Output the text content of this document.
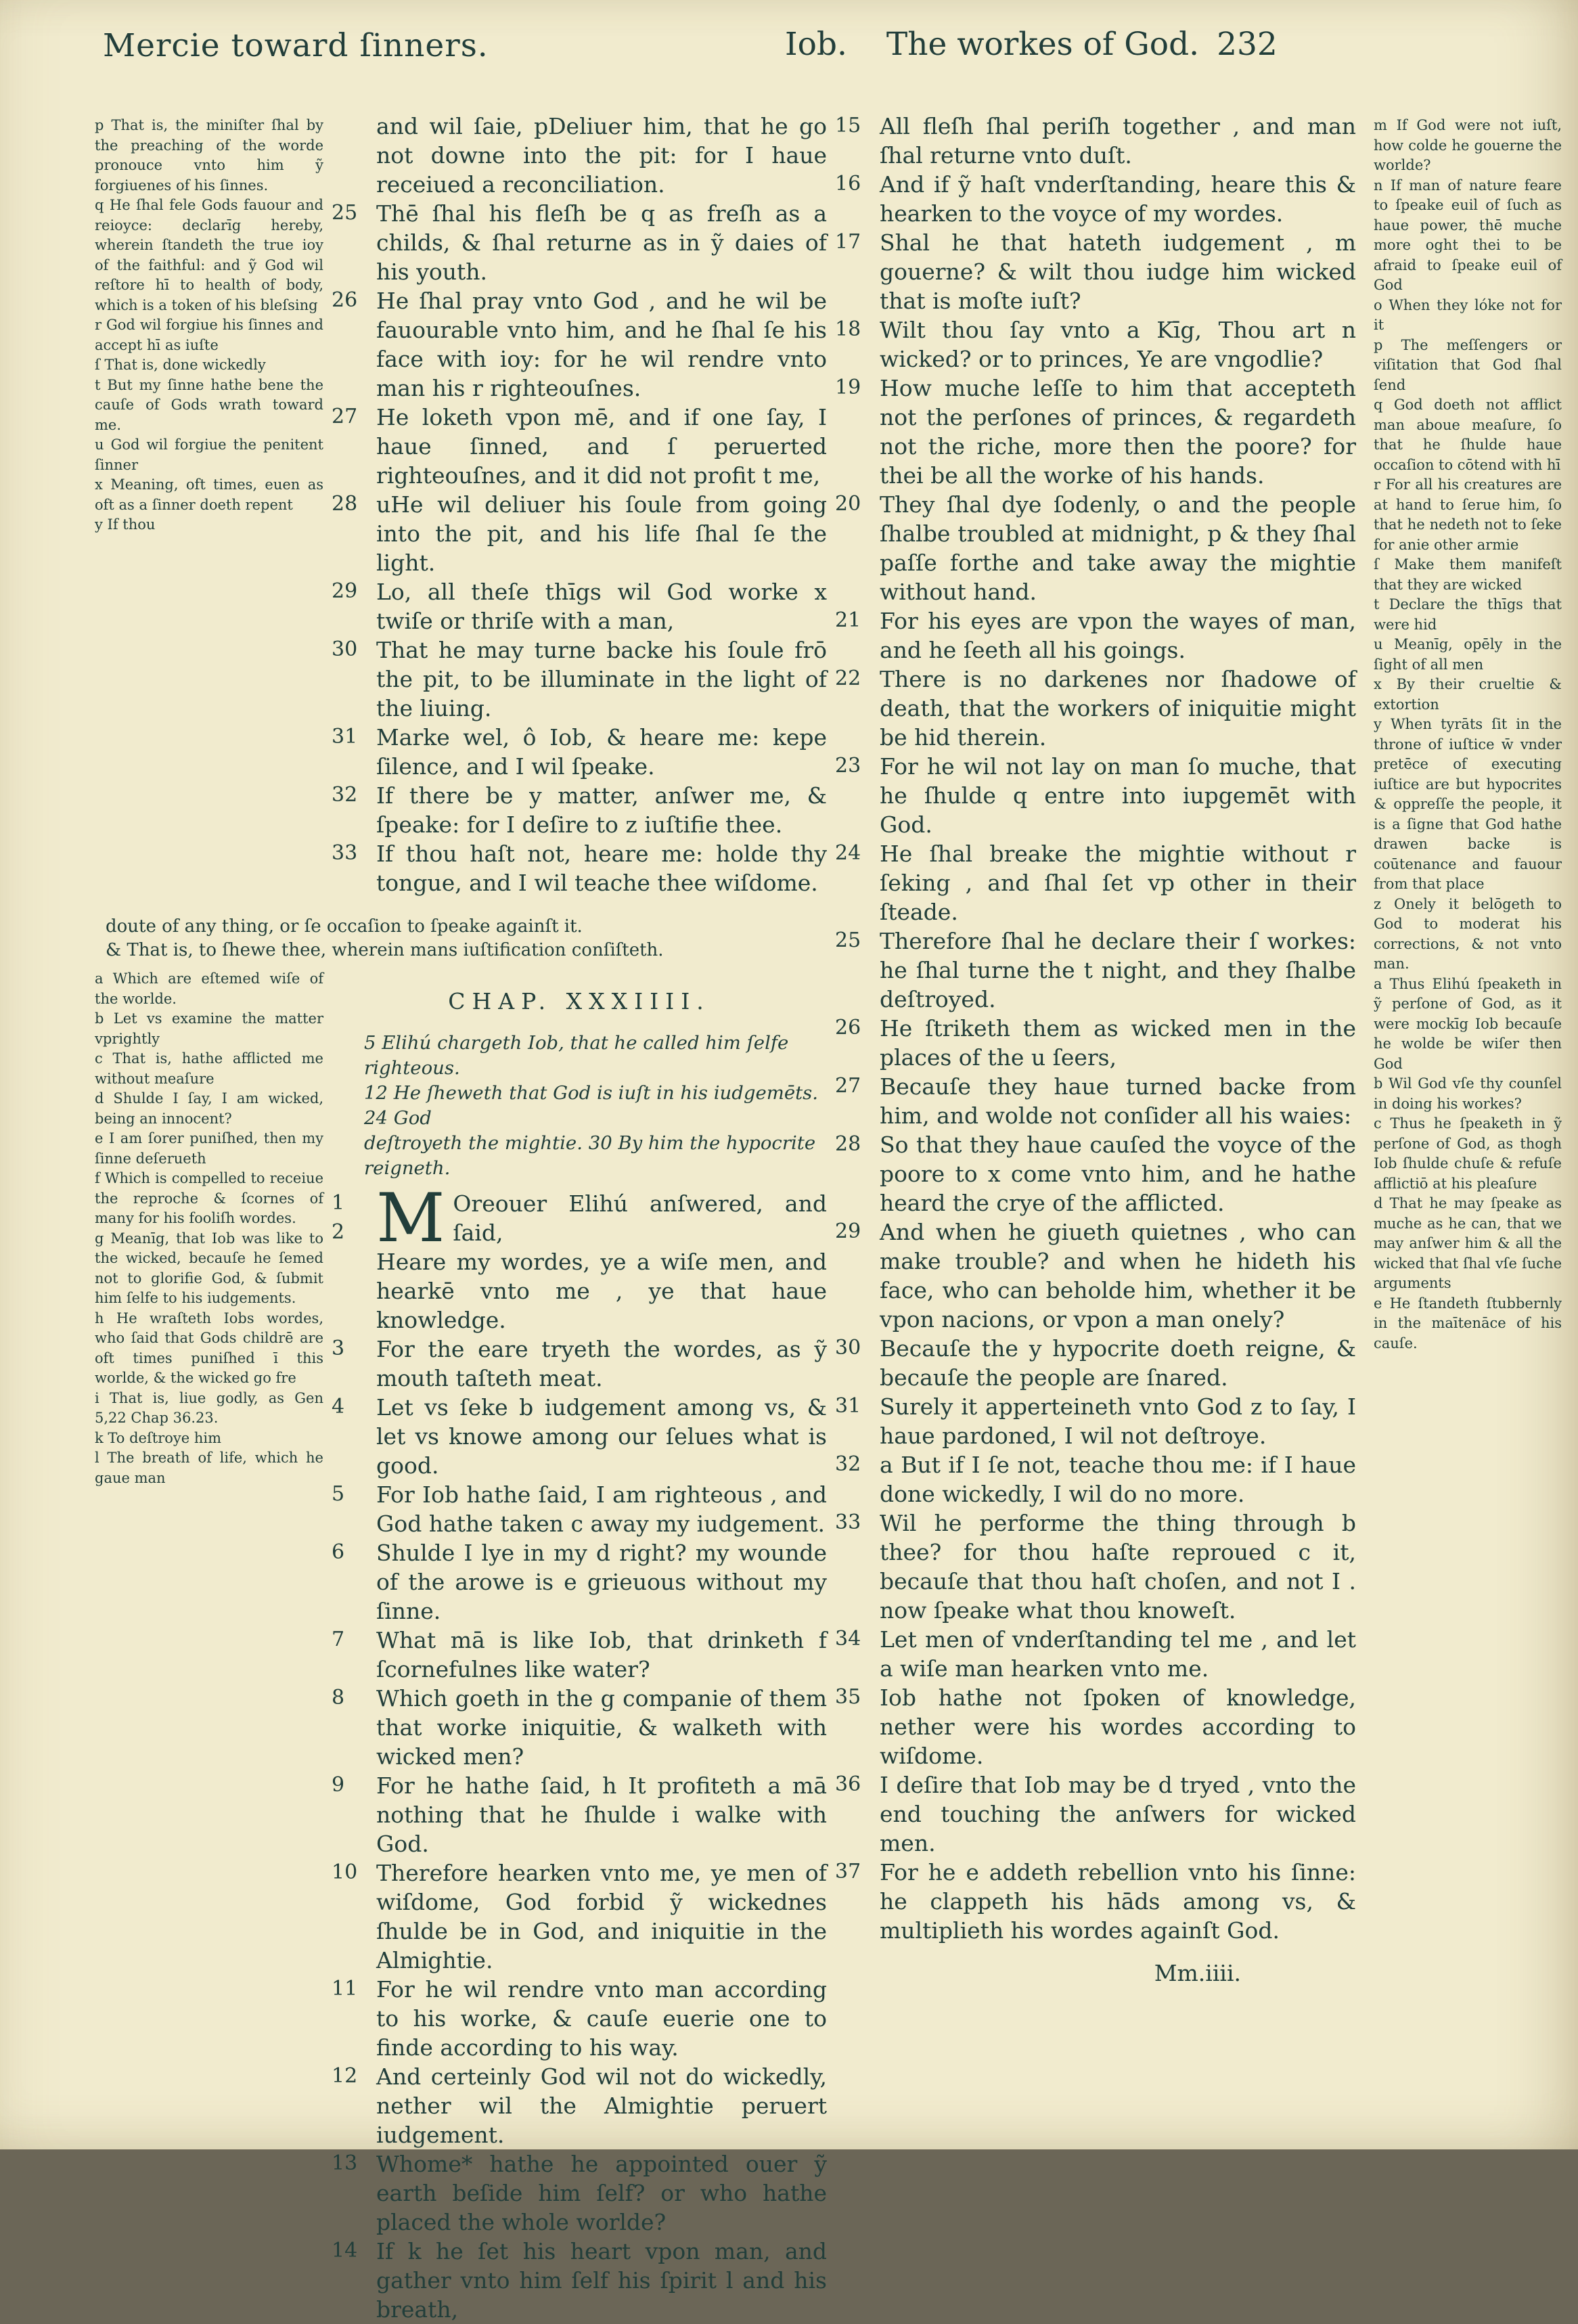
Mercie toward ſinners.	Iob. The workes of God. 232

p That is, the miniſter ſhal by the preaching of the worde pronouce vnto him ỹ forgiuenes of his ſinnes.

q He ſhal fele Gods fauour and reioyce: declarīg hereby, wherein ſtandeth the true ioy of the faithful: and ỹ God wil reſtore hī to health of body, which is a token of his bleſsing

r God wil forgiue his ſinnes and accept hī as iuſte

ſ That is, done wickedly

t But my ſinne hathe bene the cauſe of Gods wrath toward me.

u God wil forgiue the penitent ſinner

x Meaning, oft times, euen as oft as a ſinner doeth repent

y If thou

and wil ſaie, pDeliuer him, that he go not downe into the pit: for I haue receiued a reconciliation.
25 Thē ſhal his fleſh be q as freſh as a childs, & ſhal returne as in ỹ daies of his youth.
26 He ſhal pray vnto God , and he wil be fauourable vnto him, and he ſhal ſe his face with ioy: for he wil rendre vnto man his r righteouſnes.
27 He loketh vpon mē, and if one ſay, I haue ſinned, and ſ peruerted righteouſnes, and it did not profit t me,
28 uHe wil deliuer his ſoule from going into the pit, and his life ſhal ſe the light.
29 Lo, all theſe thīgs wil God worke x twiſe or thriſe with a man,
30 That he may turne backe his ſoule frō the pit, to be illuminate in the light of the liuing.
31 Marke wel, ô Iob, & heare me: kepe ſilence, and I wil ſpeake.
32 If there be y matter, anſwer me, & ſpeake: for I deſire to z iuſtifie thee.
33 If thou haſt not, heare me: holde thy tongue, and I wil teache thee wiſdome.

doute of any thing, or ſe occaſion to ſpeake againſt it.

& That is, to ſhewe thee, wherein mans iuſtification conſiſteth.

a Which are eſtemed wiſe of the worlde.

b Let vs examine the matter vprightly

c That is, hathe afflicted me without meaſure

d Shulde I ſay, I am wicked, being an innocent?

e I am ſorer puniſhed, then my ſinne deſerueth

f Which is compelled to receiue the reproche & ſcornes of many for his fooliſh wordes.

g Meanīg, that Iob was like to the wicked, becauſe he ſemed not to glorifie God, & ſubmit him ſelfe to his iudgements.

h He wraſteth Iobs wordes, who ſaid that Gods childrē are oft times puniſhed ī this worlde, & the wicked go fre

i That is, liue godly, as Gen 5,22 Chap 36.23.

k To deſtroye him

l The breath of life, which he gaue man

CHAP. XXXIIII.

5 Elihú chargeth Iob, that he called him ſelfe righteous.

12 He ſheweth that God is iuſt in his iudgemēts. 24 God

deſtroyeth the mightie. 30 By him the hypocrite reigneth.

1
2 M Oreouer Elihú anſwered, and ſaid,
Heare my wordes, ye a wiſe men, and hearkē vnto me , ye that haue knowledge.
3	For the eare tryeth the wordes, as ỹ mouth taſteth meat.
4	Let vs ſeke b iudgement among vs, & let vs knowe among our ſelues what is good.
5	For Iob hathe ſaid, I am righteous , and God hathe taken c away my iudgement.
6	Shulde I lye in my d right? my wounde of the arowe is e grieuous without my ſinne.
7	What mā is like Iob, that drinketh f ſcornefulnes like water?
8	Which goeth in the g companie of them that worke iniquitie, & walketh with wicked men?
9	For he hathe ſaid, h It profiteth a mā nothing that he ſhulde i walke with God.
10 Therefore hearken vnto me, ye men of wiſdome, God forbid ỹ wickednes ſhulde be in God, and iniquitie in the Almightie.
11 For he wil rendre vnto man according to his worke, & cauſe euerie one to finde according to his way.
12 And certeinly God wil not do wickedly, nether wil the Almightie peruert iudgement.
13 Whome* hathe he appointed ouer ỹ earth beſide him ſelf? or who hathe placed the whole worlde?
14 If k he ſet his heart vpon man, and gather vnto him ſelf his ſpirit l and his breath,
15 All fleſh ſhal periſh together , and man ſhal returne vnto duſt.
16 And if ỹ haſt vnderſtanding, heare this & hearken to the voyce of my wordes.
17 Shal he that hateth iudgement , m gouerne? & wilt thou iudge him wicked that is moſte iuſt?
18 Wilt thou ſay vnto a Kīg, Thou art n wicked? or to princes, Ye are vngodlie?
19 How muche leſſe to him that accepteth not the perſones of princes, & regardeth not the riche, more then the poore? for thei be all the worke of his hands.
20 They ſhal dye ſodenly, o and the people ſhalbe troubled at midnight, p & they ſhal paſſe forthe and take away the mightie without hand.
21 For his eyes are vpon the wayes of man, and he ſeeth all his goings.
22 There is no darkenes nor ſhadowe of death, that the workers of iniquitie might be hid therein.
23 For he wil not lay on man ſo muche, that he ſhulde q entre into iupgemēt with God.
24 He ſhal breake the mightie without r ſeking , and ſhal ſet vp other in their ſteade.
25 Therefore ſhal he declare their ſ workes: he ſhal turne the t night, and they ſhalbe deſtroyed.
26 He ſtriketh them as wicked men in the places of the u ſeers,
27 Becauſe they haue turned backe from him, and wolde not conſider all his waies:
28 So that they haue cauſed the voyce of the poore to x come vnto him, and he hathe heard the crye of the afflicted.
29 And when he giueth quietnes , who can make trouble? and when he hideth his face, who can beholde him, whether it be vpon nacions, or vpon a man onely?
30 Becauſe the y hypocrite doeth reigne, & becauſe the people are ſnared.
31 Surely it apperteineth vnto God z to ſay, I haue pardoned, I wil not deſtroye.
32 a But if I ſe not, teache thou me: if I haue done wickedly, I wil do no more.
33 Wil he performe the thing through b thee? for thou haſte reproued c it, becauſe that thou haſt choſen, and not I . now ſpeake what thou knoweſt.
34 Let men of vnderſtanding tel me , and let a wiſe man hearken vnto me.
35 Iob hathe not ſpoken of knowledge, nether were his wordes according to wiſdome.
36 I deſire that Iob may be d tryed , vnto the end touching the anſwers for wicked men.
37 For he e addeth rebellion vnto his ſinne: he clappeth his hāds among vs, & multiplieth his wordes againſt God.
Mm.iiii.

m If God were not iuſt, how colde he gouerne the worlde?

n If man of nature feare to ſpeake euil of ſuch as haue power, thē muche more oght thei to be afraid to ſpeake euil of God

o When they lóke not for it

p The meſſengers or viſitation that God ſhal ſend

q God doeth not afflict man aboue meaſure, ſo that he ſhulde haue occaſion to cōtend with hī

r For all his creatures are at hand to ſerue him, ſo that he nedeth not to ſeke for anie other armie

ſ Make them manifeſt that they are wicked

t Declare the thīgs that were hid

u Meanīg, opēly in the ſight of all men

x By their crueltie & extortion

y When tyrāts ſit in the throne of iuſtice w̄ vnder pretēce of executing iuſtice are but hypocrites & oppreſſe the people, it is a ſigne that God hathe drawen backe is coūtenance and fauour from that place

z Onely it belōgeth to God to moderat his corrections, & not vnto man.

a Thus Elihú ſpeaketh in ỹ perſone of God, as it were mockīg Iob becauſe he wolde be wiſer then God

b Wil God vſe thy counſel in doing his workes?

c Thus he ſpeaketh in ỹ perſone of God, as thogh Iob ſhulde chuſe & refuſe afflictiō at his pleaſure

d That he may ſpeake as muche as he can, that we may anſwer him & all the wicked that ſhal vſe ſuche arguments

e He ſtandeth ſtubbernly in the maītenāce of his cauſe.
